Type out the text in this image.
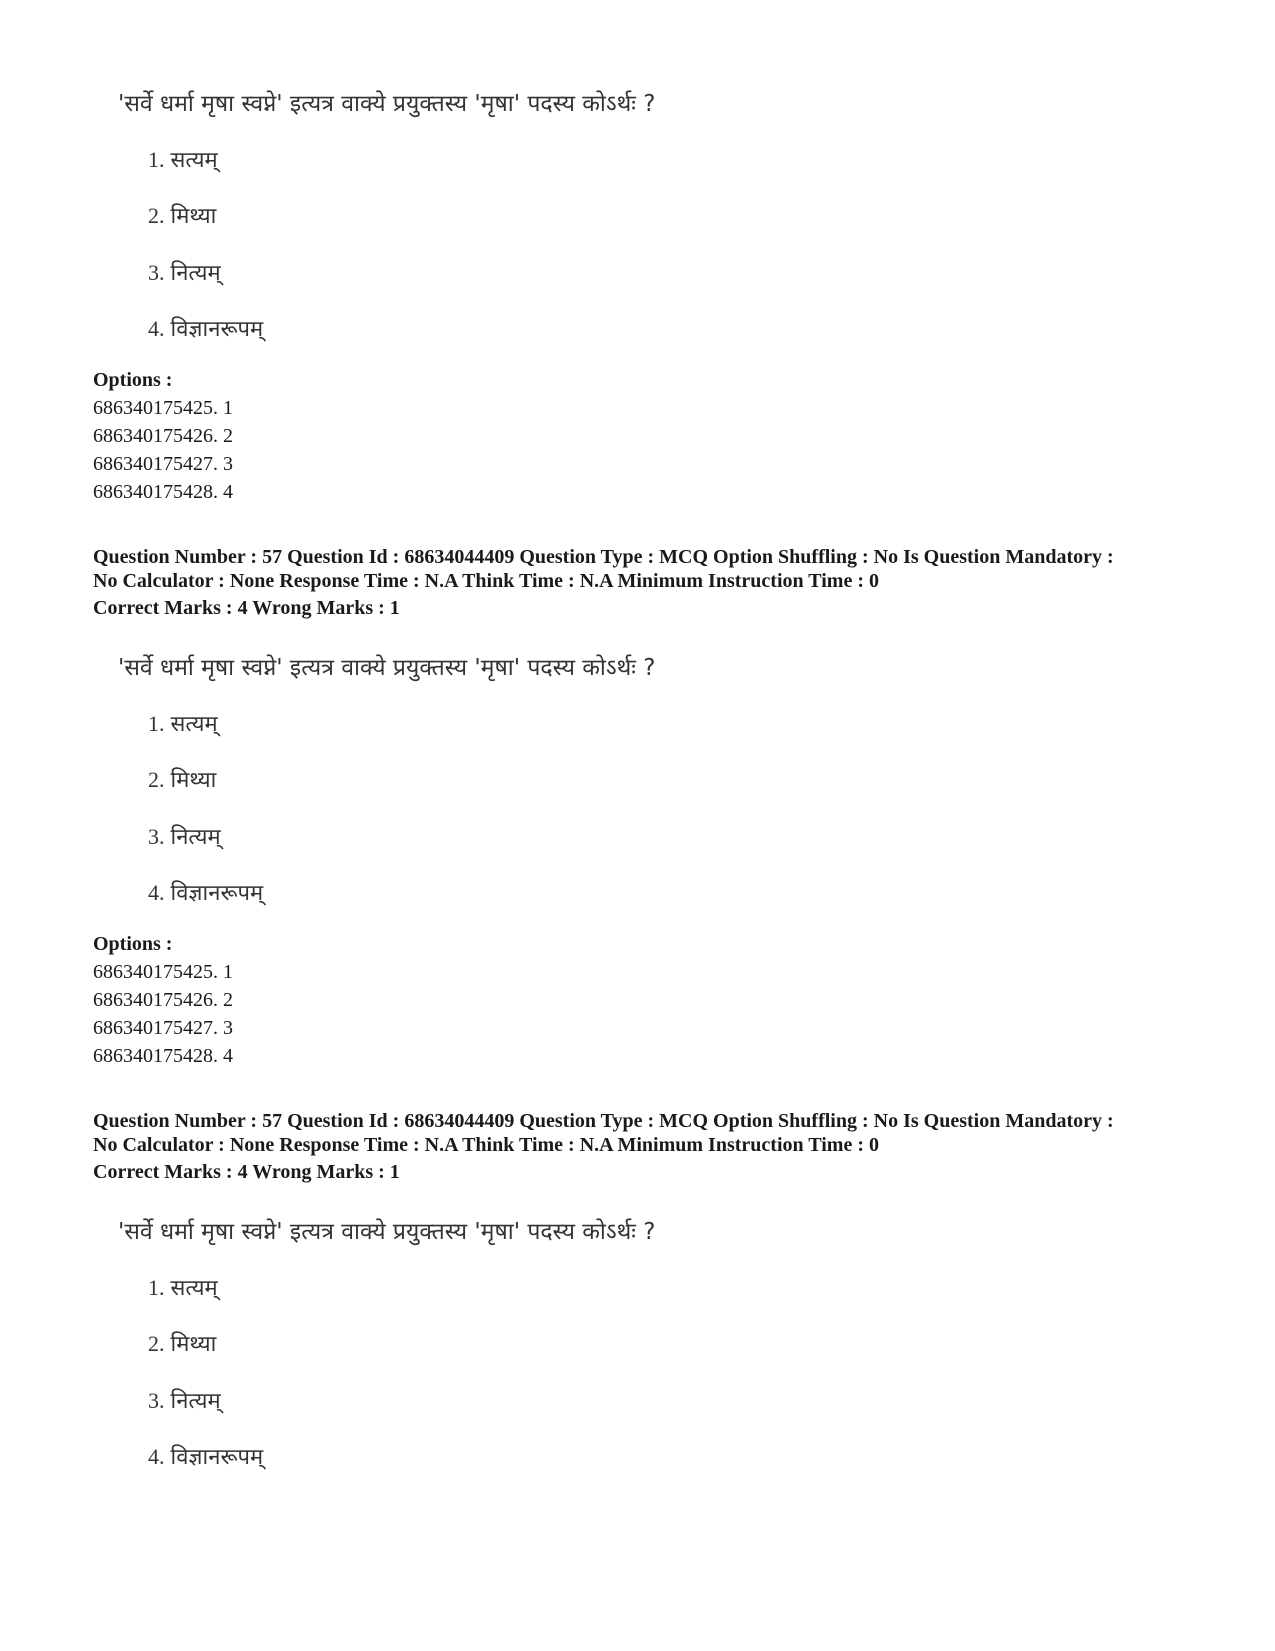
'सर्वे धर्मा मृषा स्वप्ने' इत्यत्र वाक्ये प्रयुक्तस्य 'मृषा' पदस्य कोऽर्थः ?
1. सत्यम्
2. मिथ्या
3. नित्यम्
4. विज्ञानरूपम्
Options :
686340175425. 1
686340175426. 2
686340175427. 3
686340175428. 4
Question Number : 57 Question Id : 68634044409 Question Type : MCQ Option Shuffling : No Is Question Mandatory :
No Calculator : None Response Time : N.A Think Time : N.A Minimum Instruction Time : 0
Correct Marks : 4 Wrong Marks : 1
'सर्वे धर्मा मृषा स्वप्ने' इत्यत्र वाक्ये प्रयुक्तस्य 'मृषा' पदस्य कोऽर्थः ?
1. सत्यम्
2. मिथ्या
3. नित्यम्
4. विज्ञानरूपम्
Options :
686340175425. 1
686340175426. 2
686340175427. 3
686340175428. 4
Question Number : 57 Question Id : 68634044409 Question Type : MCQ Option Shuffling : No Is Question Mandatory :
No Calculator : None Response Time : N.A Think Time : N.A Minimum Instruction Time : 0
Correct Marks : 4 Wrong Marks : 1
'सर्वे धर्मा मृषा स्वप्ने' इत्यत्र वाक्ये प्रयुक्तस्य 'मृषा' पदस्य कोऽर्थः ?
1. सत्यम्
2. मिथ्या
3. नित्यम्
4. विज्ञानरूपम्
